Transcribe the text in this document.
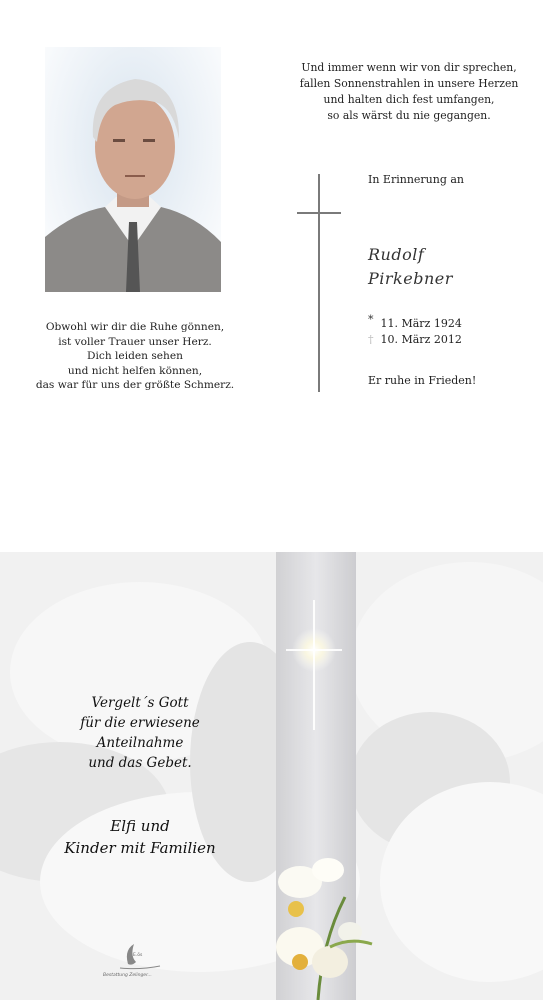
Obwohl wir dir die Ruhe gönnen,
ist voller Trauer unser Herz.
Dich leiden sehen
und nicht helfen können,
das war für uns der größte Schmerz.
Und immer wenn wir von dir sprechen,
fallen Sonnenstrahlen in unsere Herzen
und halten dich fest umfangen,
so als wärst du nie gegangen.
In Erinnerung an
Rudolf
Pirkebner
* 11. März 1924
† 10. März 2012
Er ruhe in Frieden!
Vergelt´s Gott
für die erwiesene
Anteilnahme
und das Gebet.
Elfi und
Kinder mit Familien
E.ös
Bestattung Zelinger...
